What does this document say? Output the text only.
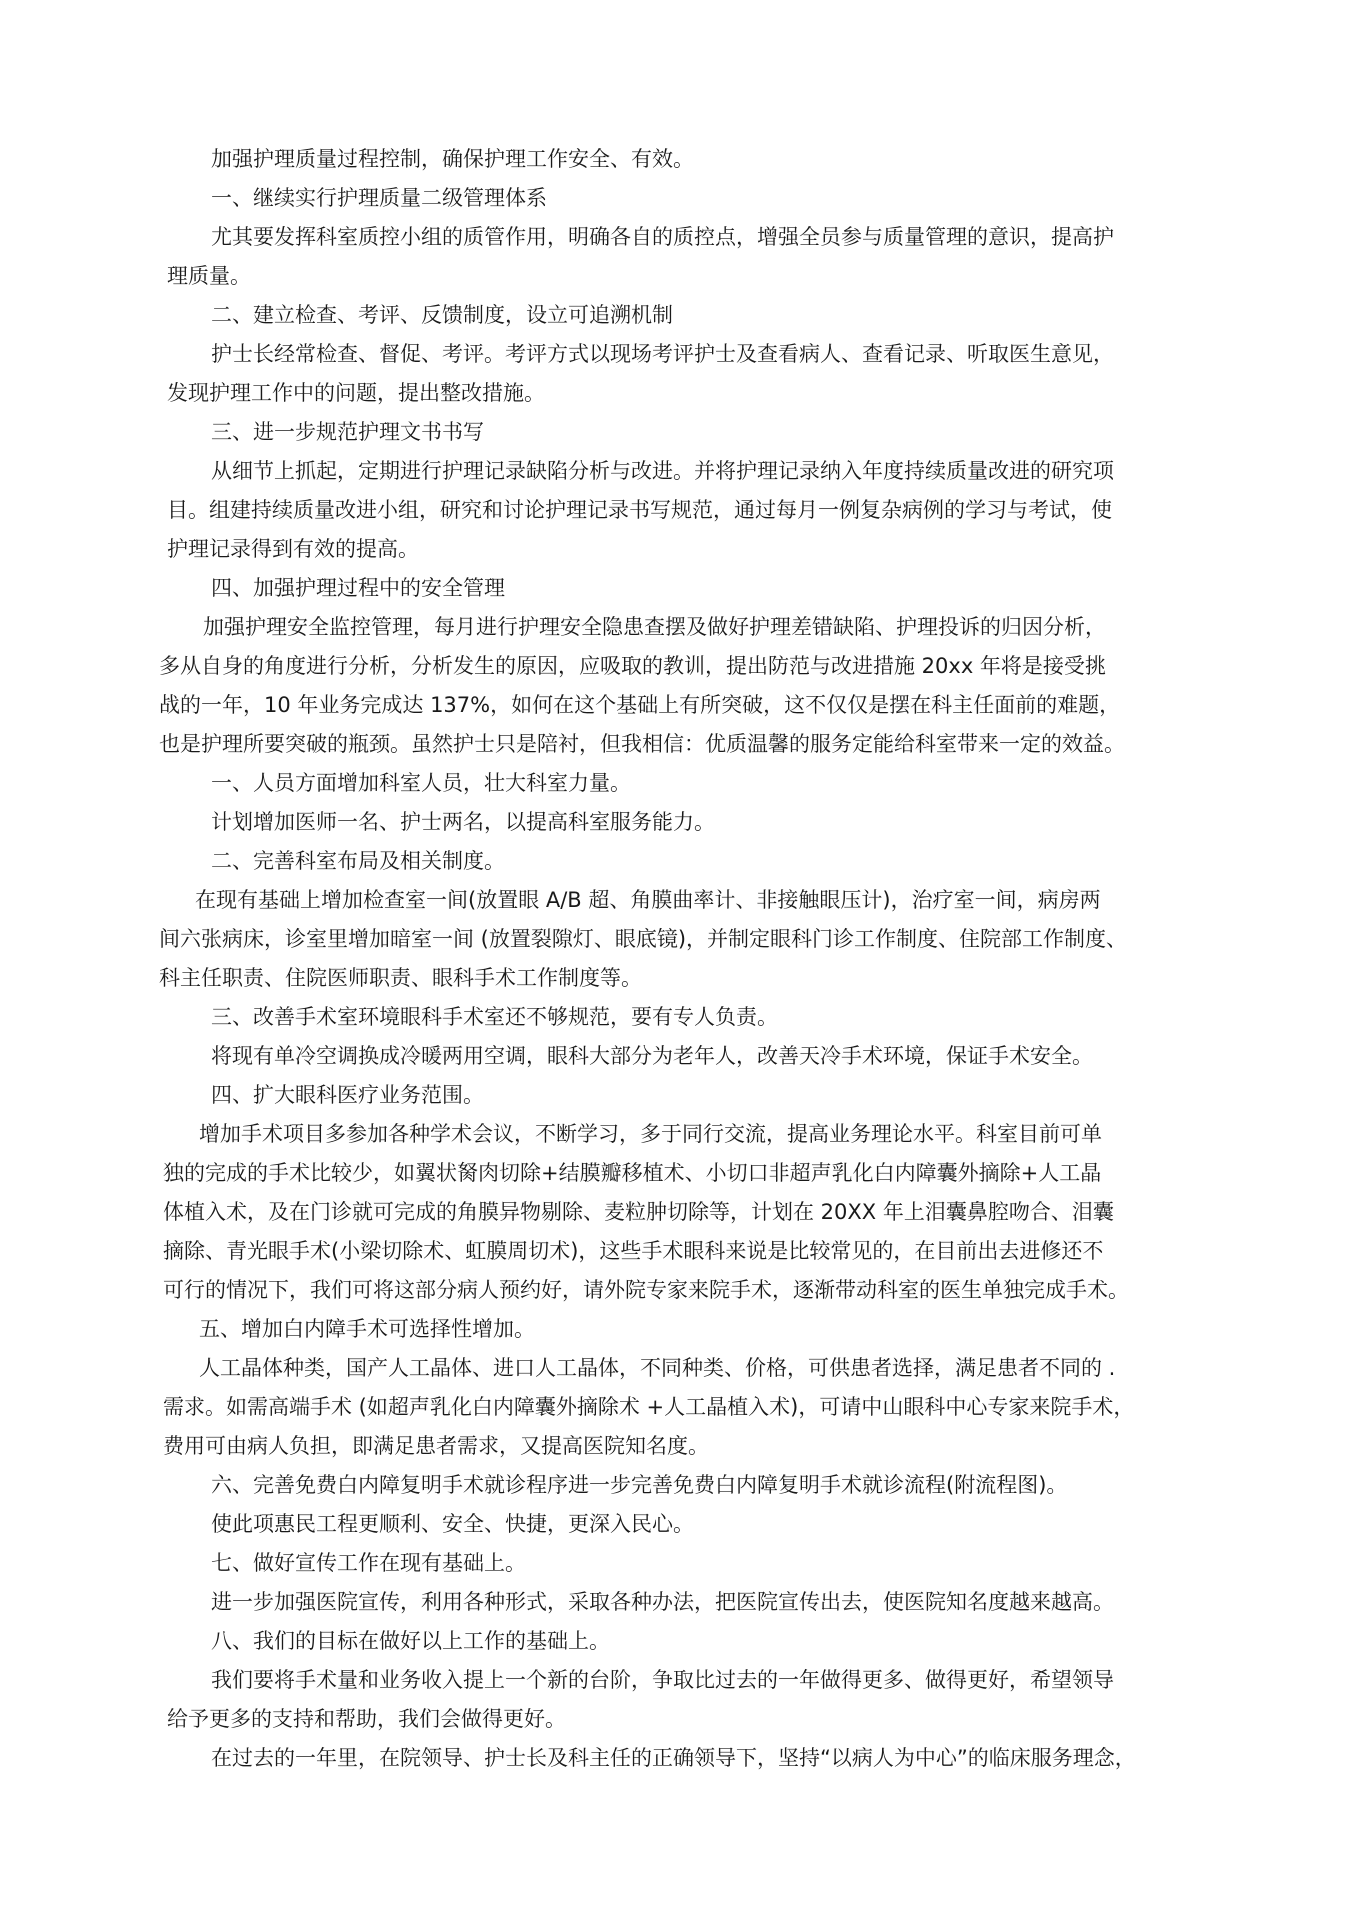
加强护理质量过程控制，确保护理工作安全、有效。
一、继续实行护理质量二级管理体系
尤其要发挥科室质控小组的质管作用，明确各自的质控点，增强全员参与质量管理的意识，提高护
理质量。
二、建立检查、考评、反馈制度，设立可追溯机制
护士长经常检查、督促、考评。考评方式以现场考评护士及查看病人、查看记录、听取医生意见，
发现护理工作中的问题，提出整改措施。
三、进一步规范护理文书书写
从细节上抓起，定期进行护理记录缺陷分析与改进。并将护理记录纳入年度持续质量改进的研究项
目。组建持续质量改进小组，研究和讨论护理记录书写规范，通过每月一例复杂病例的学习与考试，使
护理记录得到有效的提高。
四、加强护理过程中的安全管理
加强护理安全监控管理，每月进行护理安全隐患查摆及做好护理差错缺陷、护理投诉的归因分析，
多从自身的角度进行分析，分析发生的原因，应吸取的教训，提出防范与改进措施 20xx 年将是接受挑
战的一年，10 年业务完成达 137%，如何在这个基础上有所突破，这不仅仅是摆在科主任面前的难题，
也是护理所要突破的瓶颈。虽然护士只是陪衬，但我相信：优质温馨的服务定能给科室带来一定的效益。
一、人员方面增加科室人员，壮大科室力量。
计划增加医师一名、护士两名，以提高科室服务能力。
二、完善科室布局及相关制度。
在现有基础上增加检查室一间(放置眼 A/B 超、角膜曲率计、非接触眼压计)，治疗室一间，病房两
间六张病床，诊室里增加暗室一间 (放置裂隙灯、眼底镜)，并制定眼科门诊工作制度、住院部工作制度、
科主任职责、住院医师职责、眼科手术工作制度等。
三、改善手术室环境眼科手术室还不够规范，要有专人负责。
将现有单冷空调换成冷暖两用空调，眼科大部分为老年人，改善天冷手术环境，保证手术安全。
四、扩大眼科医疗业务范围。
增加手术项目多参加各种学术会议，不断学习，多于同行交流，提高业务理论水平。科室目前可单
独的完成的手术比较少，如翼状胬肉切除+结膜瓣移植术、小切口非超声乳化白内障囊外摘除+人工晶
体植入术，及在门诊就可完成的角膜异物剔除、麦粒肿切除等，计划在 20XX 年上泪囊鼻腔吻合、泪囊
摘除、青光眼手术(小梁切除术、虹膜周切术)，这些手术眼科来说是比较常见的，在目前出去进修还不
可行的情况下，我们可将这部分病人预约好，请外院专家来院手术，逐渐带动科室的医生单独完成手术。
五、增加白内障手术可选择性增加。
人工晶体种类，国产人工晶体、进口人工晶体，不同种类、价格，可供患者选择，满足患者不同的 .
需求。如需高端手术 (如超声乳化白内障囊外摘除术 +人工晶植入术)，可请中山眼科中心专家来院手术，
费用可由病人负担，即满足患者需求，又提高医院知名度。
六、完善免费白内障复明手术就诊程序进一步完善免费白内障复明手术就诊流程(附流程图)。
使此项惠民工程更顺利、安全、快捷，更深入民心。
七、做好宣传工作在现有基础上。
进一步加强医院宣传，利用各种形式，采取各种办法，把医院宣传出去，使医院知名度越来越高。
八、我们的目标在做好以上工作的基础上。
我们要将手术量和业务收入提上一个新的台阶，争取比过去的一年做得更多、做得更好，希望领导
给予更多的支持和帮助，我们会做得更好。
在过去的一年里，在院领导、护士长及科主任的正确领导下，坚持“以病人为中心”的临床服务理念，
